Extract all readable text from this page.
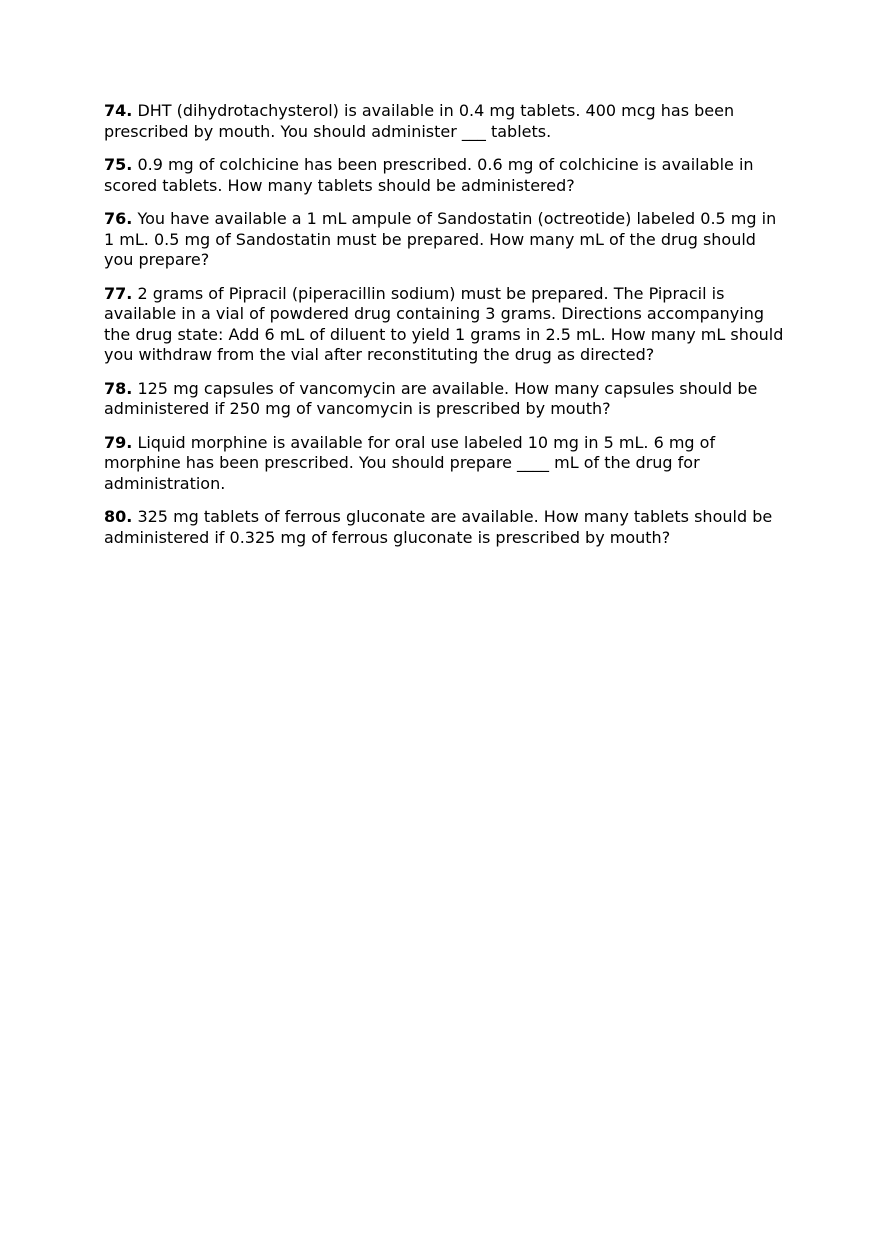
74. DHT (dihydrotachysterol) is available in 0.4 mg tablets. 400 mcg has been prescribed by mouth. You should administer ___ tablets.

75. 0.9 mg of colchicine has been prescribed. 0.6 mg of colchicine is available in scored tablets. How many tablets should be administered?

76. You have available a 1 mL ampule of Sandostatin (octreotide) labeled 0.5 mg in 1 mL. 0.5 mg of Sandostatin must be prepared. How many mL of the drug should you prepare?

77. 2 grams of Pipracil (piperacillin sodium) must be prepared. The Pipracil is available in a vial of powdered drug containing 3 grams. Directions accompanying the drug state: Add 6 mL of diluent to yield 1 grams in 2.5 mL. How many mL should you withdraw from the vial after reconstituting the drug as directed?

78. 125 mg capsules of vancomycin are available. How many capsules should be administered if 250 mg of vancomycin is prescribed by mouth?

79. Liquid morphine is available for oral use labeled 10 mg in 5 mL. 6 mg of morphine has been prescribed. You should prepare ____ mL of the drug for administration.

80. 325 mg tablets of ferrous gluconate are available. How many tablets should be administered if 0.325 mg of ferrous gluconate is prescribed by mouth?
